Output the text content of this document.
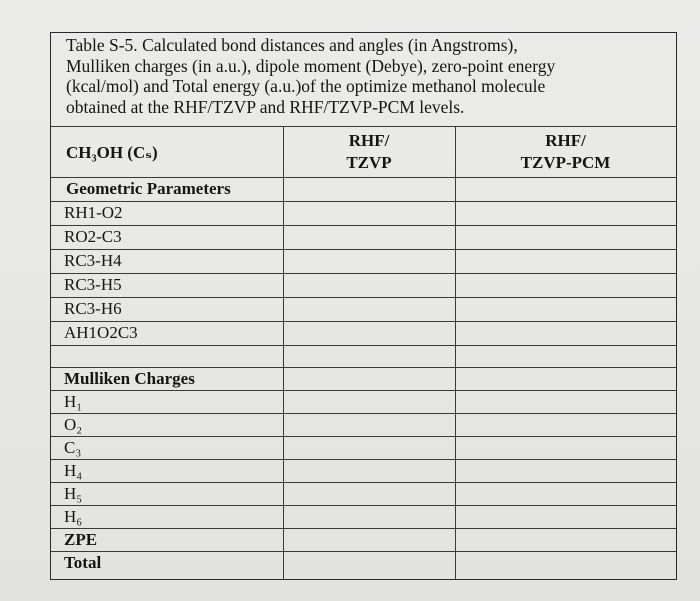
Table S-5. Calculated bond distances and angles (in Angstroms),
Mulliken charges (in a.u.), dipole moment (Debye), zero-point energy
(kcal/mol) and Total energy (a.u.)of the optimize methanol molecule
obtained at the RHF/TZVP and RHF/TZVP-PCM levels.
CH₃OH (Cₛ)
RHF/
TZVP
RHF/
TZVP-PCM
Geometric Parameters
RH1-O2
RO2-C3
RC3-H4
RC3-H5
RC3-H6
AH1O2C3
Mulliken Charges
H₁
O₂
C₃
H₄
H₅
H₆
ZPE
Total
